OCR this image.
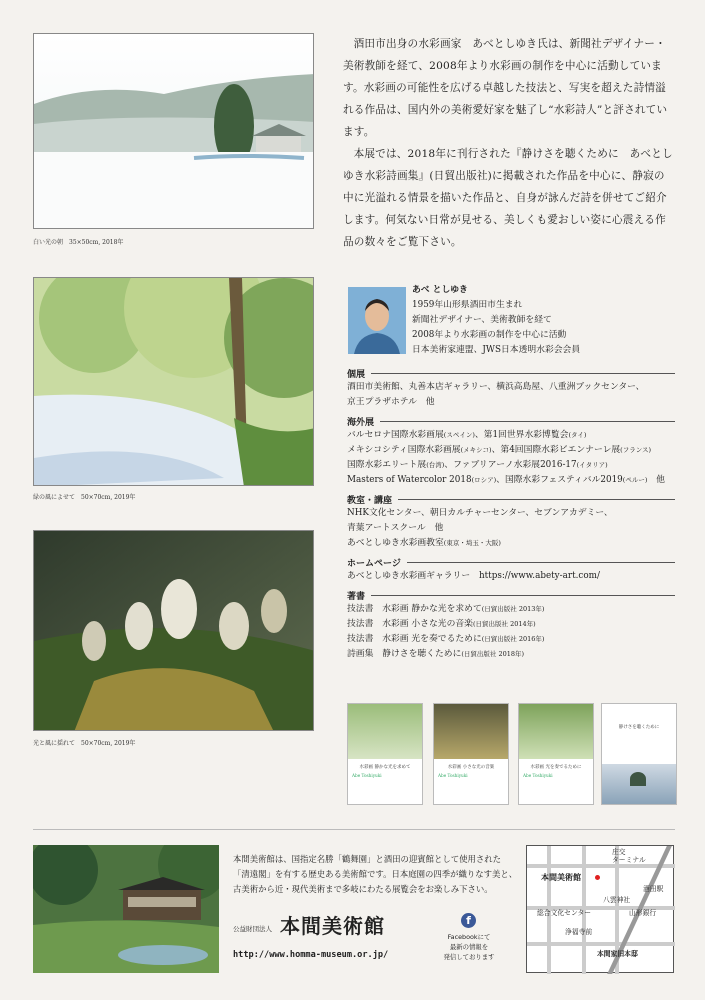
白い光の朝　35×50cm, 2018年
緑の風によせて　50×70cm, 2019年
光と風に揺れて　50×70cm, 2019年

酒田市出身の水彩画家　あべとしゆき氏は、新聞社デザイナー・美術教師を経て、2008年より水彩画の制作を中心に活動しています。水彩画の可能性を広げる卓越した技法と、写実を超えた詩情溢れる作品は、国内外の美術愛好家を魅了し“水彩詩人”と評されています。

本展では、2018年に刊行された『静けさを聴くために　あべとしゆき水彩詩画集』(日貿出版社)に掲載された作品を中心に、静寂の中に光溢れる情景を描いた作品と、自身が詠んだ詩を併せてご紹介します。何気ない日常が見せる、美しくも愛おしい姿に心震える作品の数々をご覧下さい。

あべ としゆき
1959年山形県酒田市生まれ
新聞社デザイナー、美術教師を経て
2008年より水彩画の制作を中心に活動
日本美術家連盟、JWS日本透明水彩会会員
個展
酒田市美術館、丸善本店ギャラリー、横浜高島屋、八重洲ブックセンター、
京王プラザホテル　他
海外展
バルセロナ国際水彩画展(スペイン)、第1回世界水彩博覧会(タイ)
メキシコシティ国際水彩画展(メキシコ)、第4回国際水彩ビエンナーレ展(フランス)
国際水彩エリート展(台湾)、ファブリアーノ水彩展2016-17(イタリア)
Masters of Watercolor 2018(ロシア)、国際水彩フェスティバル2019(ペルー)　他
教室・講座
NHK文化センター、朝日カルチャーセンター、セブンアカデミー、
青葉アートスクール　他
あべとしゆき水彩画教室(東京・埼玉・大阪)
ホームページ
あべとしゆき水彩画ギャラリー　https://www.abety-art.com/
著書
技法書　水彩画 静かな光を求めて(日貿出版社 2013年)
技法書　水彩画 小さな光の音楽(日貿出版社 2014年)
技法書　水彩画 光を奏でるために(日貿出版社 2016年)
詩画集　静けさを聴くために(日貿出版社 2018年)
水彩画 静かな光を求めて
Abe Toshiyuki
水彩画 小さな光の音楽
Abe Toshiyuki
水彩画 光を奏でるために
Abe Toshiyuki
静けさを聴くために

本間美術館は、国指定名勝「鶴舞園」と酒田の迎賓館として使用された

「清遠閣」を有する歴史ある美術館です。日本庭園の四季が織りなす美と、

古美術から近・現代美術まで多岐にわたる展覧会をお楽しみ下さい。

公益財団法人 本間美術館
http://www.homma-museum.or.jp/
f
Facebookにて
最新の情報を
発信しております
庄交
ターミナル
本間美術館
酒田駅
八雲神社
総合文化センター	山形銀行
浄福寺前
本間家旧本邸
